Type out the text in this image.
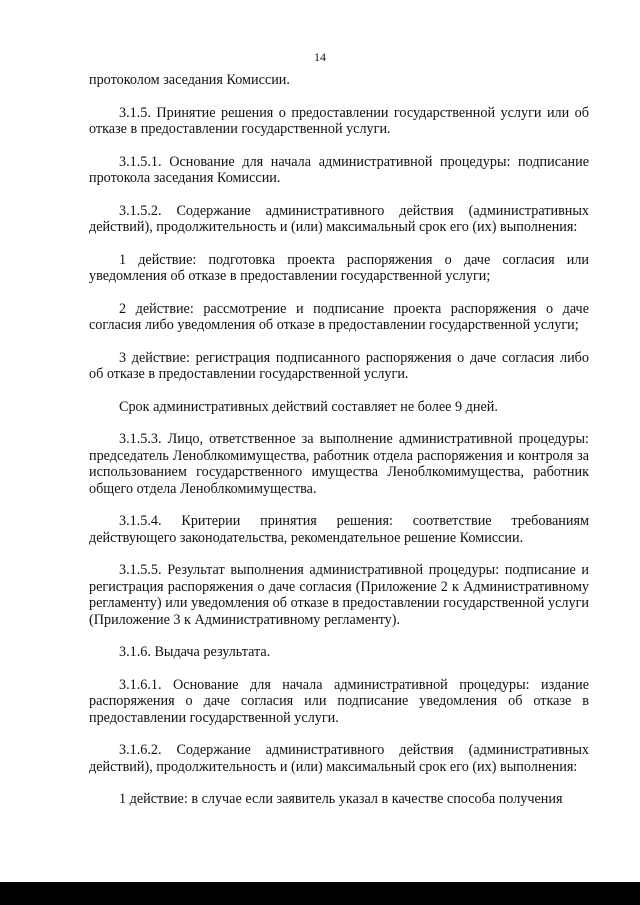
14

протоколом заседания Комиссии.

3.1.5. Принятие решения о предоставлении государственной услуги или об отказе в предоставлении государственной услуги.

3.1.5.1. Основание для начала административной процедуры: подписание протокола заседания Комиссии.

3.1.5.2. Содержание административного действия (административных действий), продолжительность и (или) максимальный срок его (их) выполнения:

1 действие: подготовка проекта распоряжения о даче согласия или уведомления об отказе в предоставлении государственной услуги;

2 действие: рассмотрение и подписание проекта распоряжения о даче согласия либо уведомления об отказе в предоставлении государственной услуги;

3 действие: регистрация подписанного распоряжения о даче согласия либо об отказе в предоставлении государственной услуги.

Срок административных действий составляет не более 9 дней.

3.1.5.3. Лицо, ответственное за выполнение административной процедуры: председатель Леноблкомимущества, работник отдела распоряжения и контроля за использованием государственного имущества Леноблкомимущества, работник общего отдела Леноблкомимущества.

3.1.5.4. Критерии принятия решения: соответствие требованиям действующего законодательства, рекомендательное решение Комиссии.

3.1.5.5. Результат выполнения административной процедуры: подписание и регистрация распоряжения о даче согласия (Приложение 2 к Административному регламенту) или уведомления об отказе в предоставлении государственной услуги (Приложение 3 к Административному регламенту).

3.1.6. Выдача результата.

3.1.6.1. Основание для начала административной процедуры: издание распоряжения о даче согласия или подписание уведомления об отказе в предоставлении государственной услуги.

3.1.6.2. Содержание административного действия (административных действий), продолжительность и (или) максимальный срок его (их) выполнения:

1 действие: в случае если заявитель указал в качестве способа получения
